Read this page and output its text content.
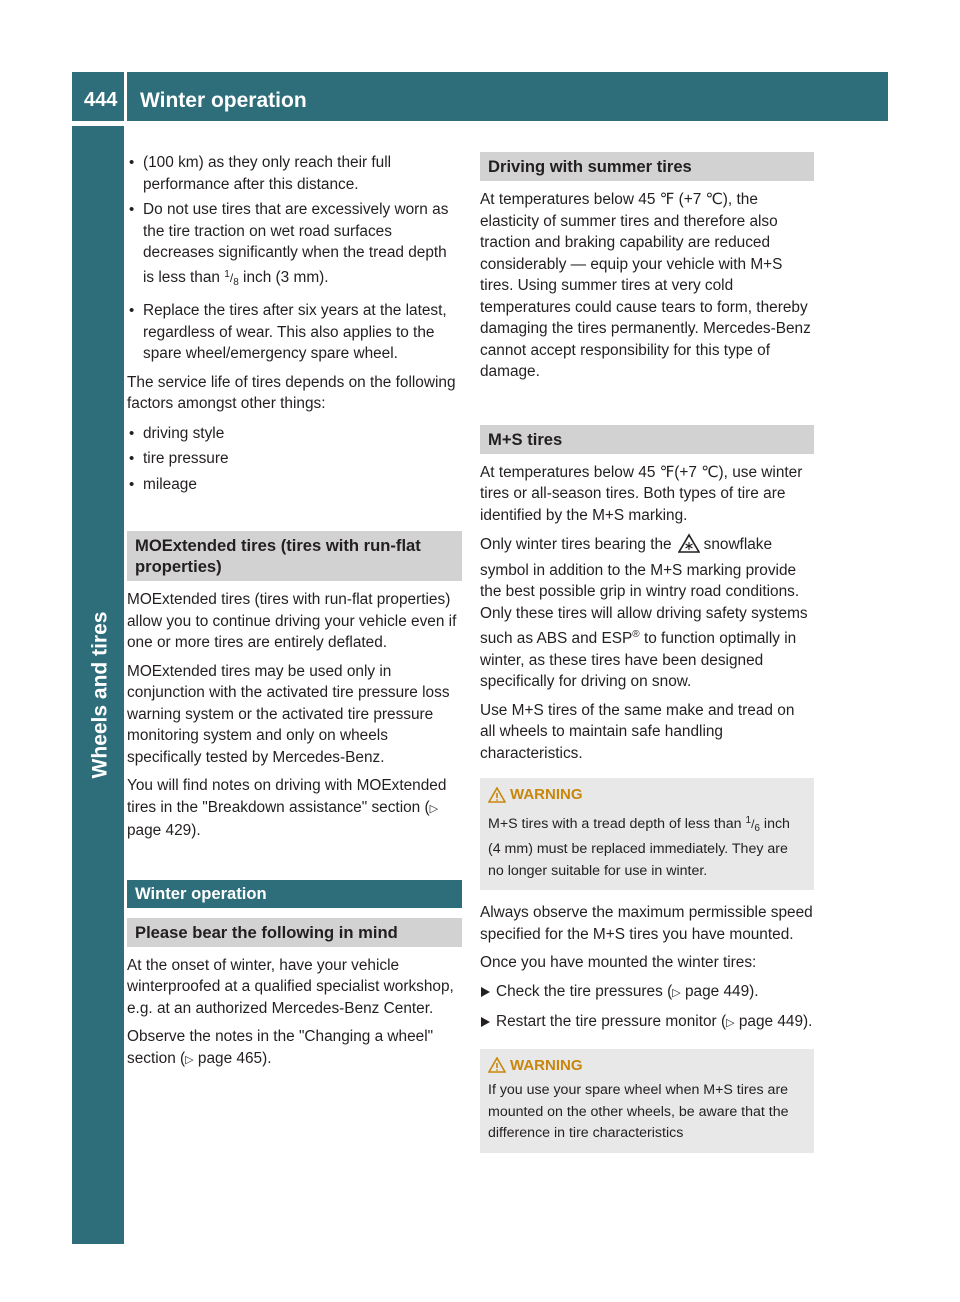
444 Winter operation
Wheels and tires

• (100 km) as they only reach their full performance after this distance.

• Do not use tires that are excessively worn as the tire traction on wet road surfaces decreases significantly when the tread depth is less than $^1/_8$ inch (3 mm).

• Replace the tires after six years at the latest, regardless of wear. This also applies to the spare wheel/emergency spare wheel.

The service life of tires depends on the following factors amongst other things:

• driving style

• tire pressure

• mileage

MOExtended tires (tires with run-flat properties)

MOExtended tires (tires with run-flat properties) allow you to continue driving your vehicle even if one or more tires are entirely deflated.

MOExtended tires may be used only in conjunction with the activated tire pressure loss warning system or the activated tire pressure monitoring system and only on wheels specifically tested by Mercedes-Benz.

You will find notes on driving with MOExtended tires in the "Breakdown assistance" section (▷ page 429).

Winter operation
Please bear the following in mind

At the onset of winter, have your vehicle winterproofed at a qualified specialist workshop, e.g. at an authorized Mercedes-Benz Center.

Observe the notes in the "Changing a wheel" section (▷ page 465).

Driving with summer tires

At temperatures below 45 ℉ (+7 ℃), the elasticity of summer tires and therefore also traction and braking capability are reduced considerably — equip your vehicle with M+S tires. Using summer tires at very cold temperatures could cause tears to form, thereby damaging the tires permanently. Mercedes-Benz cannot accept responsibility for this type of damage.

M+S tires

At temperatures below 45 ℉(+7 ℃), use winter tires or all-season tires. Both types of tire are identified by the M+S marking.

Only winter tires bearing the snowflake symbol in addition to the M+S marking provide the best possible grip in wintry road conditions. Only these tires will allow driving safety systems such as ABS and ESP® to function optimally in winter, as these tires have been designed specifically for driving on snow.

Use M+S tires of the same make and tread on all wheels to maintain safe handling characteristics.

WARNING
M+S tires with a tread depth of less than $^1/_6$ inch (4 mm) must be replaced immediately. They are no longer suitable for use in winter.

Always observe the maximum permissible speed specified for the M+S tires you have mounted.

Once you have mounted the winter tires:

Check the tire pressures (▷ page 449).

Restart the tire pressure monitor (▷ page 449).

WARNING
If you use your spare wheel when M+S tires are mounted on the other wheels, be aware that the difference in tire characteristics
